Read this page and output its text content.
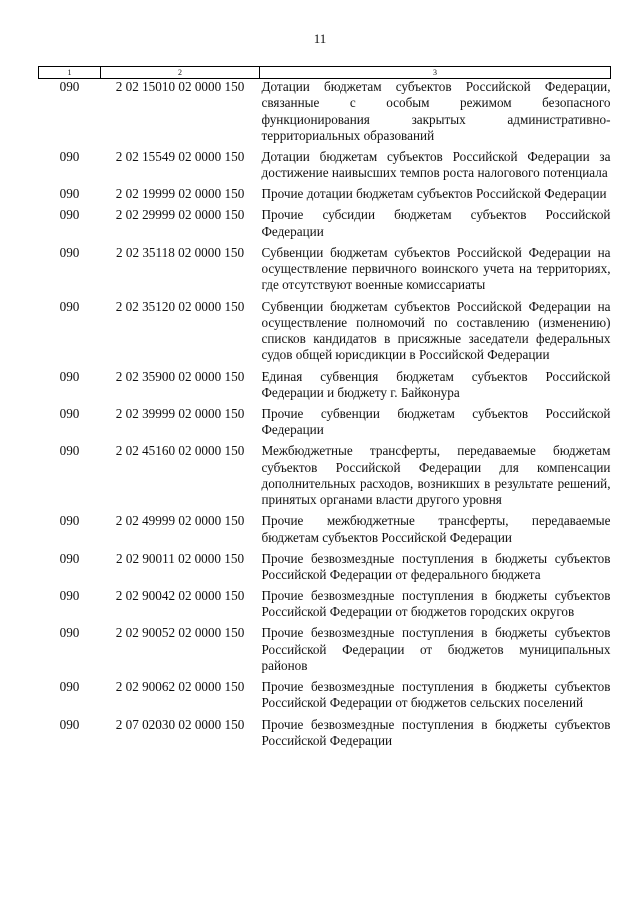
11
1	2	3
090	2 02 15010 02 0000 150	Дотации бюджетам субъектов Российской Федерации, связанные с особым режимом безопасного функционирования закрытых административно-территориальных образований
090	2 02 15549 02 0000 150	Дотации бюджетам субъектов Российской Федерации за достижение наивысших темпов роста налогового потенциала
090	2 02 19999 02 0000 150	Прочие дотации бюджетам субъектов Российской Федерации
090	2 02 29999 02 0000 150	Прочие субсидии бюджетам субъектов Российской Федерации
090	2 02 35118 02 0000 150	Субвенции бюджетам субъектов Российской Федерации на осуществление первичного воинского учета на территориях, где отсутствуют военные комиссариаты
090	2 02 35120 02 0000 150	Субвенции бюджетам субъектов Российской Федерации на осуществление полномочий по составлению (изменению) списков кандидатов в присяжные заседатели федеральных судов общей юрисдикции в Российской Федерации
090	2 02 35900 02 0000 150	Единая субвенция бюджетам субъектов Российской Федерации и бюджету г. Байконура
090	2 02 39999 02 0000 150	Прочие субвенции бюджетам субъектов Российской Федерации
090	2 02 45160 02 0000 150	Межбюджетные трансферты, передаваемые бюджетам субъектов Российской Федерации для компенсации дополнительных расходов, возникших в результате решений, принятых органами власти другого уровня
090	2 02 49999 02 0000 150	Прочие межбюджетные трансферты, передаваемые бюджетам субъектов Российской Федерации
090	2 02 90011 02 0000 150	Прочие безвозмездные поступления в бюджеты субъектов Российской Федерации от федерального бюджета
090	2 02 90042 02 0000 150	Прочие безвозмездные поступления в бюджеты субъектов Российской Федерации от бюджетов городских округов
090	2 02 90052 02 0000 150	Прочие безвозмездные поступления в бюджеты субъектов Российской Федерации от бюджетов муниципальных районов
090	2 02 90062 02 0000 150	Прочие безвозмездные поступления в бюджеты субъектов Российской Федерации от бюджетов сельских поселений
090	2 07 02030 02 0000 150	Прочие безвозмездные поступления в бюджеты субъектов Российской Федерации
